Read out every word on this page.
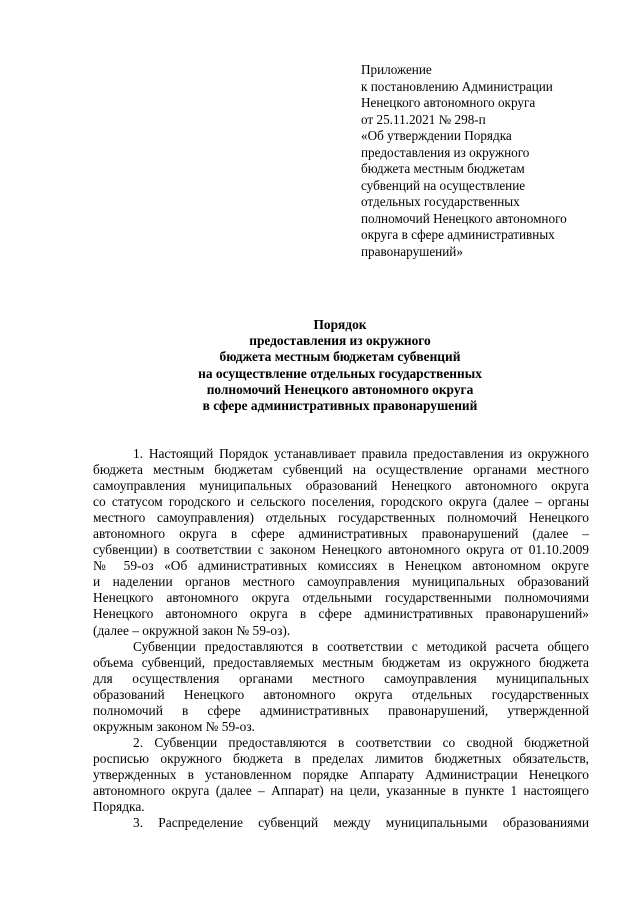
Приложение
к постановлению Администрации
Ненецкого автономного округа
от 25.11.2021 № 298-п
«Об утверждении Порядка
предоставления из окружного
бюджета местным бюджетам
субвенций на осуществление
отдельных государственных
полномочий Ненецкого автономного
округа в сфере административных
правонарушений»
Порядок
предоставления из окружного
бюджета местным бюджетам субвенций
на осуществление отдельных государственных
полномочий Ненецкого автономного округа
в сфере административных правонарушений
1. Настоящий Порядок устанавливает правила предоставления из окружного
бюджета местным бюджетам субвенций на осуществление органами местного
самоуправления муниципальных образований Ненецкого автономного округа
со статусом городского и сельского поселения, городского округа (далее – органы
местного самоуправления) отдельных государственных полномочий Ненецкого
автономного округа в сфере административных правонарушений (далее –
субвенции) в соответствии с законом Ненецкого автономного округа от 01.10.2009
№ 59-оз «Об административных комиссиях в Ненецком автономном округе
и наделении органов местного самоуправления муниципальных образований
Ненецкого автономного округа отдельными государственными полномочиями
Ненецкого автономного округа в сфере административных правонарушений»
(далее – окружной закон № 59-оз).
Субвенции предоставляются в соответствии с методикой расчета общего
объема субвенций, предоставляемых местным бюджетам из окружного бюджета
для осуществления органами местного самоуправления муниципальных
образований Ненецкого автономного округа отдельных государственных
полномочий в сфере административных правонарушений, утвержденной
окружным законом № 59-оз.
2. Субвенции предоставляются в соответствии со сводной бюджетной
росписью окружного бюджета в пределах лимитов бюджетных обязательств,
утвержденных в установленном порядке Аппарату Администрации Ненецкого
автономного округа (далее – Аппарат) на цели, указанные в пункте 1 настоящего
Порядка.
3. Распределение субвенций между муниципальными образованиями
